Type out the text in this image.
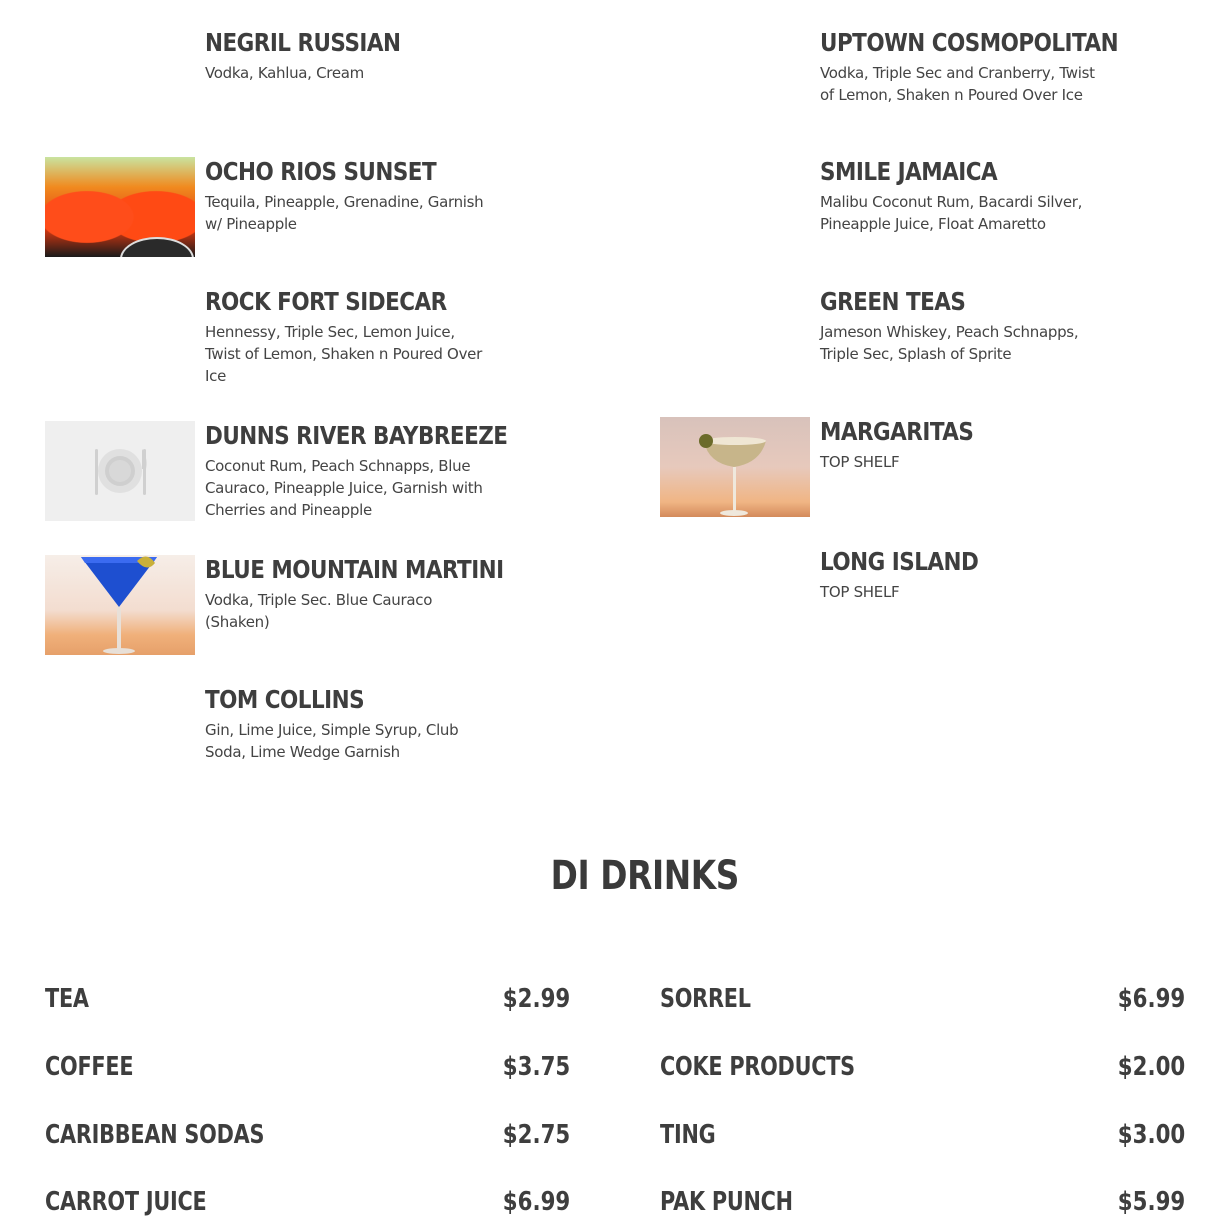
NEGRIL RUSSIAN

Vodka, Kahlua, Cream

OCHO RIOS SUNSET

Tequila, Pineapple, Grenadine, Garnish
w/ Pineapple

ROCK FORT SIDECAR

Hennessy, Triple Sec, Lemon Juice,
Twist of Lemon, Shaken n Poured Over
Ice

DUNNS RIVER BAYBREEZE

Coconut Rum, Peach Schnapps, Blue
Cauraco, Pineapple Juice, Garnish with
Cherries and Pineapple

BLUE MOUNTAIN MARTINI

Vodka, Triple Sec. Blue Cauraco
(Shaken)

TOM COLLINS

Gin, Lime Juice, Simple Syrup, Club
Soda, Lime Wedge Garnish

UPTOWN COSMOPOLITAN

Vodka, Triple Sec and Cranberry, Twist
of Lemon, Shaken n Poured Over Ice

SMILE JAMAICA

Malibu Coconut Rum, Bacardi Silver,
Pineapple Juice, Float Amaretto

GREEN TEAS

Jameson Whiskey, Peach Schnapps,
Triple Sec, Splash of Sprite

MARGARITAS

TOP SHELF

LONG ISLAND

TOP SHELF

DI DRINKS
TEA	$2.99
COFFEE	$3.75
CARIBBEAN SODAS	$2.75
CARROT JUICE	$6.99
SORREL	$6.99
COKE PRODUCTS	$2.00
TING	$3.00
PAK PUNCH	$5.99
